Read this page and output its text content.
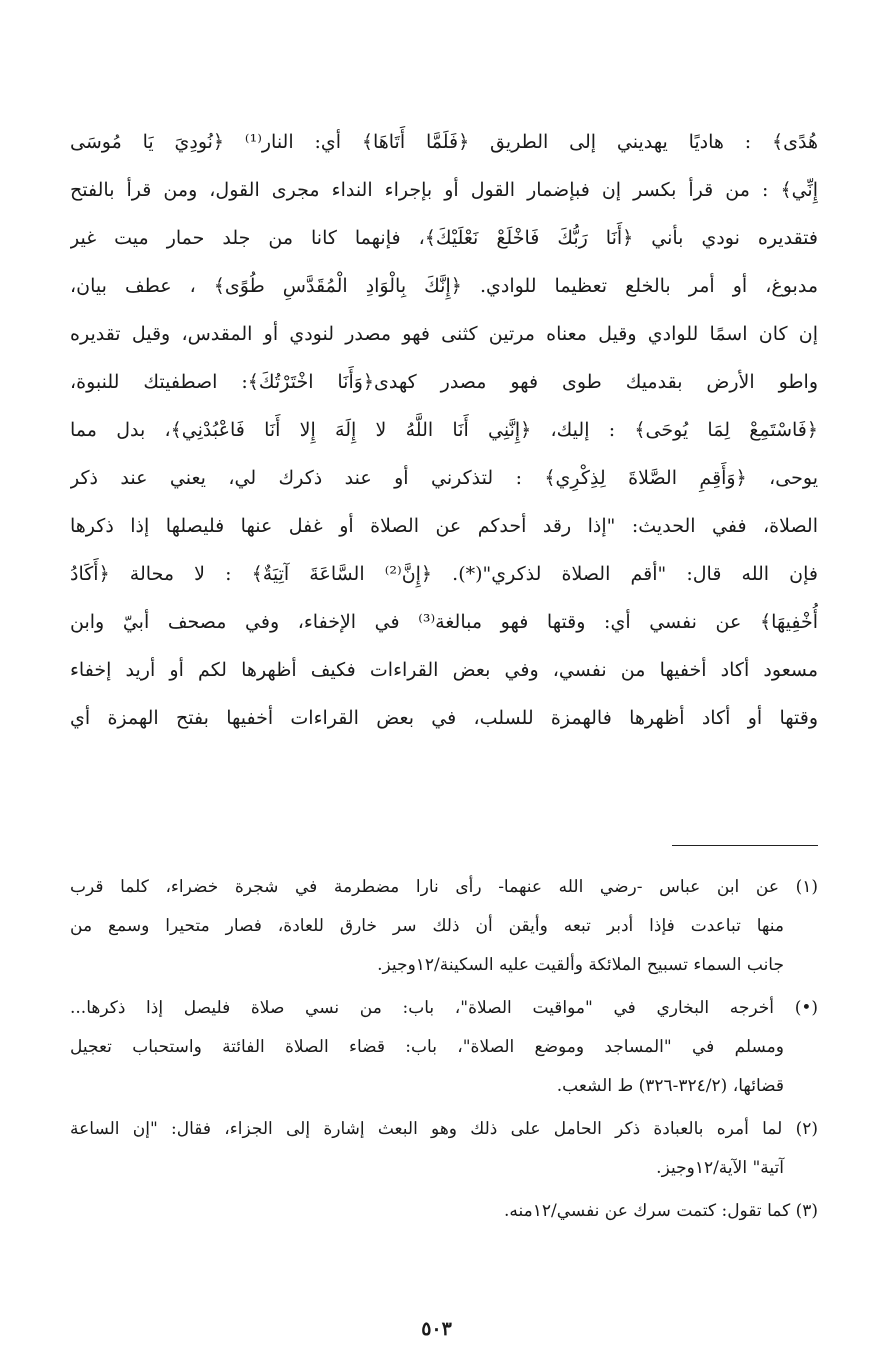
هُدًى﴾ : هاديًا يهديني إلى الطريق ﴿فَلَمَّا أَتَاهَا﴾ أي: النار⁽¹⁾ ﴿نُودِيَ يَا مُوسَى
إِنِّي﴾ : من قرأ بكسر إن فبإضمار القول أو بإجراء النداء مجرى القول، ومن قرأ بالفتح
فتقديره نودي بأني ﴿أَنَا رَبُّكَ فَاخْلَعْ نَعْلَيْكَ﴾، فإنهما كانا من جلد حمار ميت غير
مدبوغ، أو أمر بالخلع تعظيما للوادي. ﴿إِنَّكَ بِالْوَادِ الْمُقَدَّسِ طُوًى﴾ ، عطف بيان،
إن كان اسمًا للوادي وقيل معناه مرتين كثنى فهو مصدر لنودي أو المقدس، وقيل تقديره
واطو الأرض بقدميك طوى فهو مصدر كهدى﴿وَأَنَا اخْتَرْتُكَ﴾: اصطفيتك للنبوة،
﴿فَاسْتَمِعْ لِمَا يُوحَى﴾ : إليك، ﴿إِنَّنِي أَنَا اللَّهُ لا إِلَهَ إِلا أَنَا فَاعْبُدْنِي﴾، بدل مما
يوحى، ﴿وَأَقِمِ الصَّلاةَ لِذِكْرِي﴾ : لتذكرني أو عند ذكرك لي، يعني عند ذكر
الصلاة، ففي الحديث: "إذا رقد أحدكم عن الصلاة أو غفل عنها فليصلها إذا ذكرها
فإن الله قال: "أقم الصلاة لذكري"(*). ﴿إِنَّ⁽²⁾ السَّاعَةَ آتِيَةٌ﴾ : لا محالة ﴿أَكَادُ
أُخْفِيهَا﴾ عن نفسي أي: وقتها فهو مبالغة⁽³⁾ في الإخفاء، وفي مصحف أبيّ وابن
مسعود أكاد أخفيها من نفسي، وفي بعض القراءات فكيف أظهرها لكم أو أريد إخفاء
وقتها أو أكاد أظهرها فالهمزة للسلب، في بعض القراءات أخفيها بفتح الهمزة أي
(١) عن ابن عباس -رضي الله عنهما- رأى نارا مضطرمة في شجرة خضراء، كلما قرب
منها تباعدت فإذا أدبر تبعه وأيقن أن ذلك سر خارق للعادة، فصار متحيرا وسمع من
جانب السماء تسبيح الملائكة وألقيت عليه السكينة/١٢وجيز.
(•) أخرجه البخاري في "مواقيت الصلاة"، باب: من نسي صلاة فليصل إذا ذكرها...
ومسلم في "المساجد وموضع الصلاة"، باب: قضاء الصلاة الفائتة واستحباب تعجيل
قضائها، (٣٢٤/٢-٣٢٦) ط الشعب.
(٢) لما أمره بالعبادة ذكر الحامل على ذلك وهو البعث إشارة إلى الجزاء، فقال: "إن الساعة
آتية" الآية/١٢وجيز.
(٣) كما تقول: كتمت سرك عن نفسي/١٢منه.
٥٠٣
